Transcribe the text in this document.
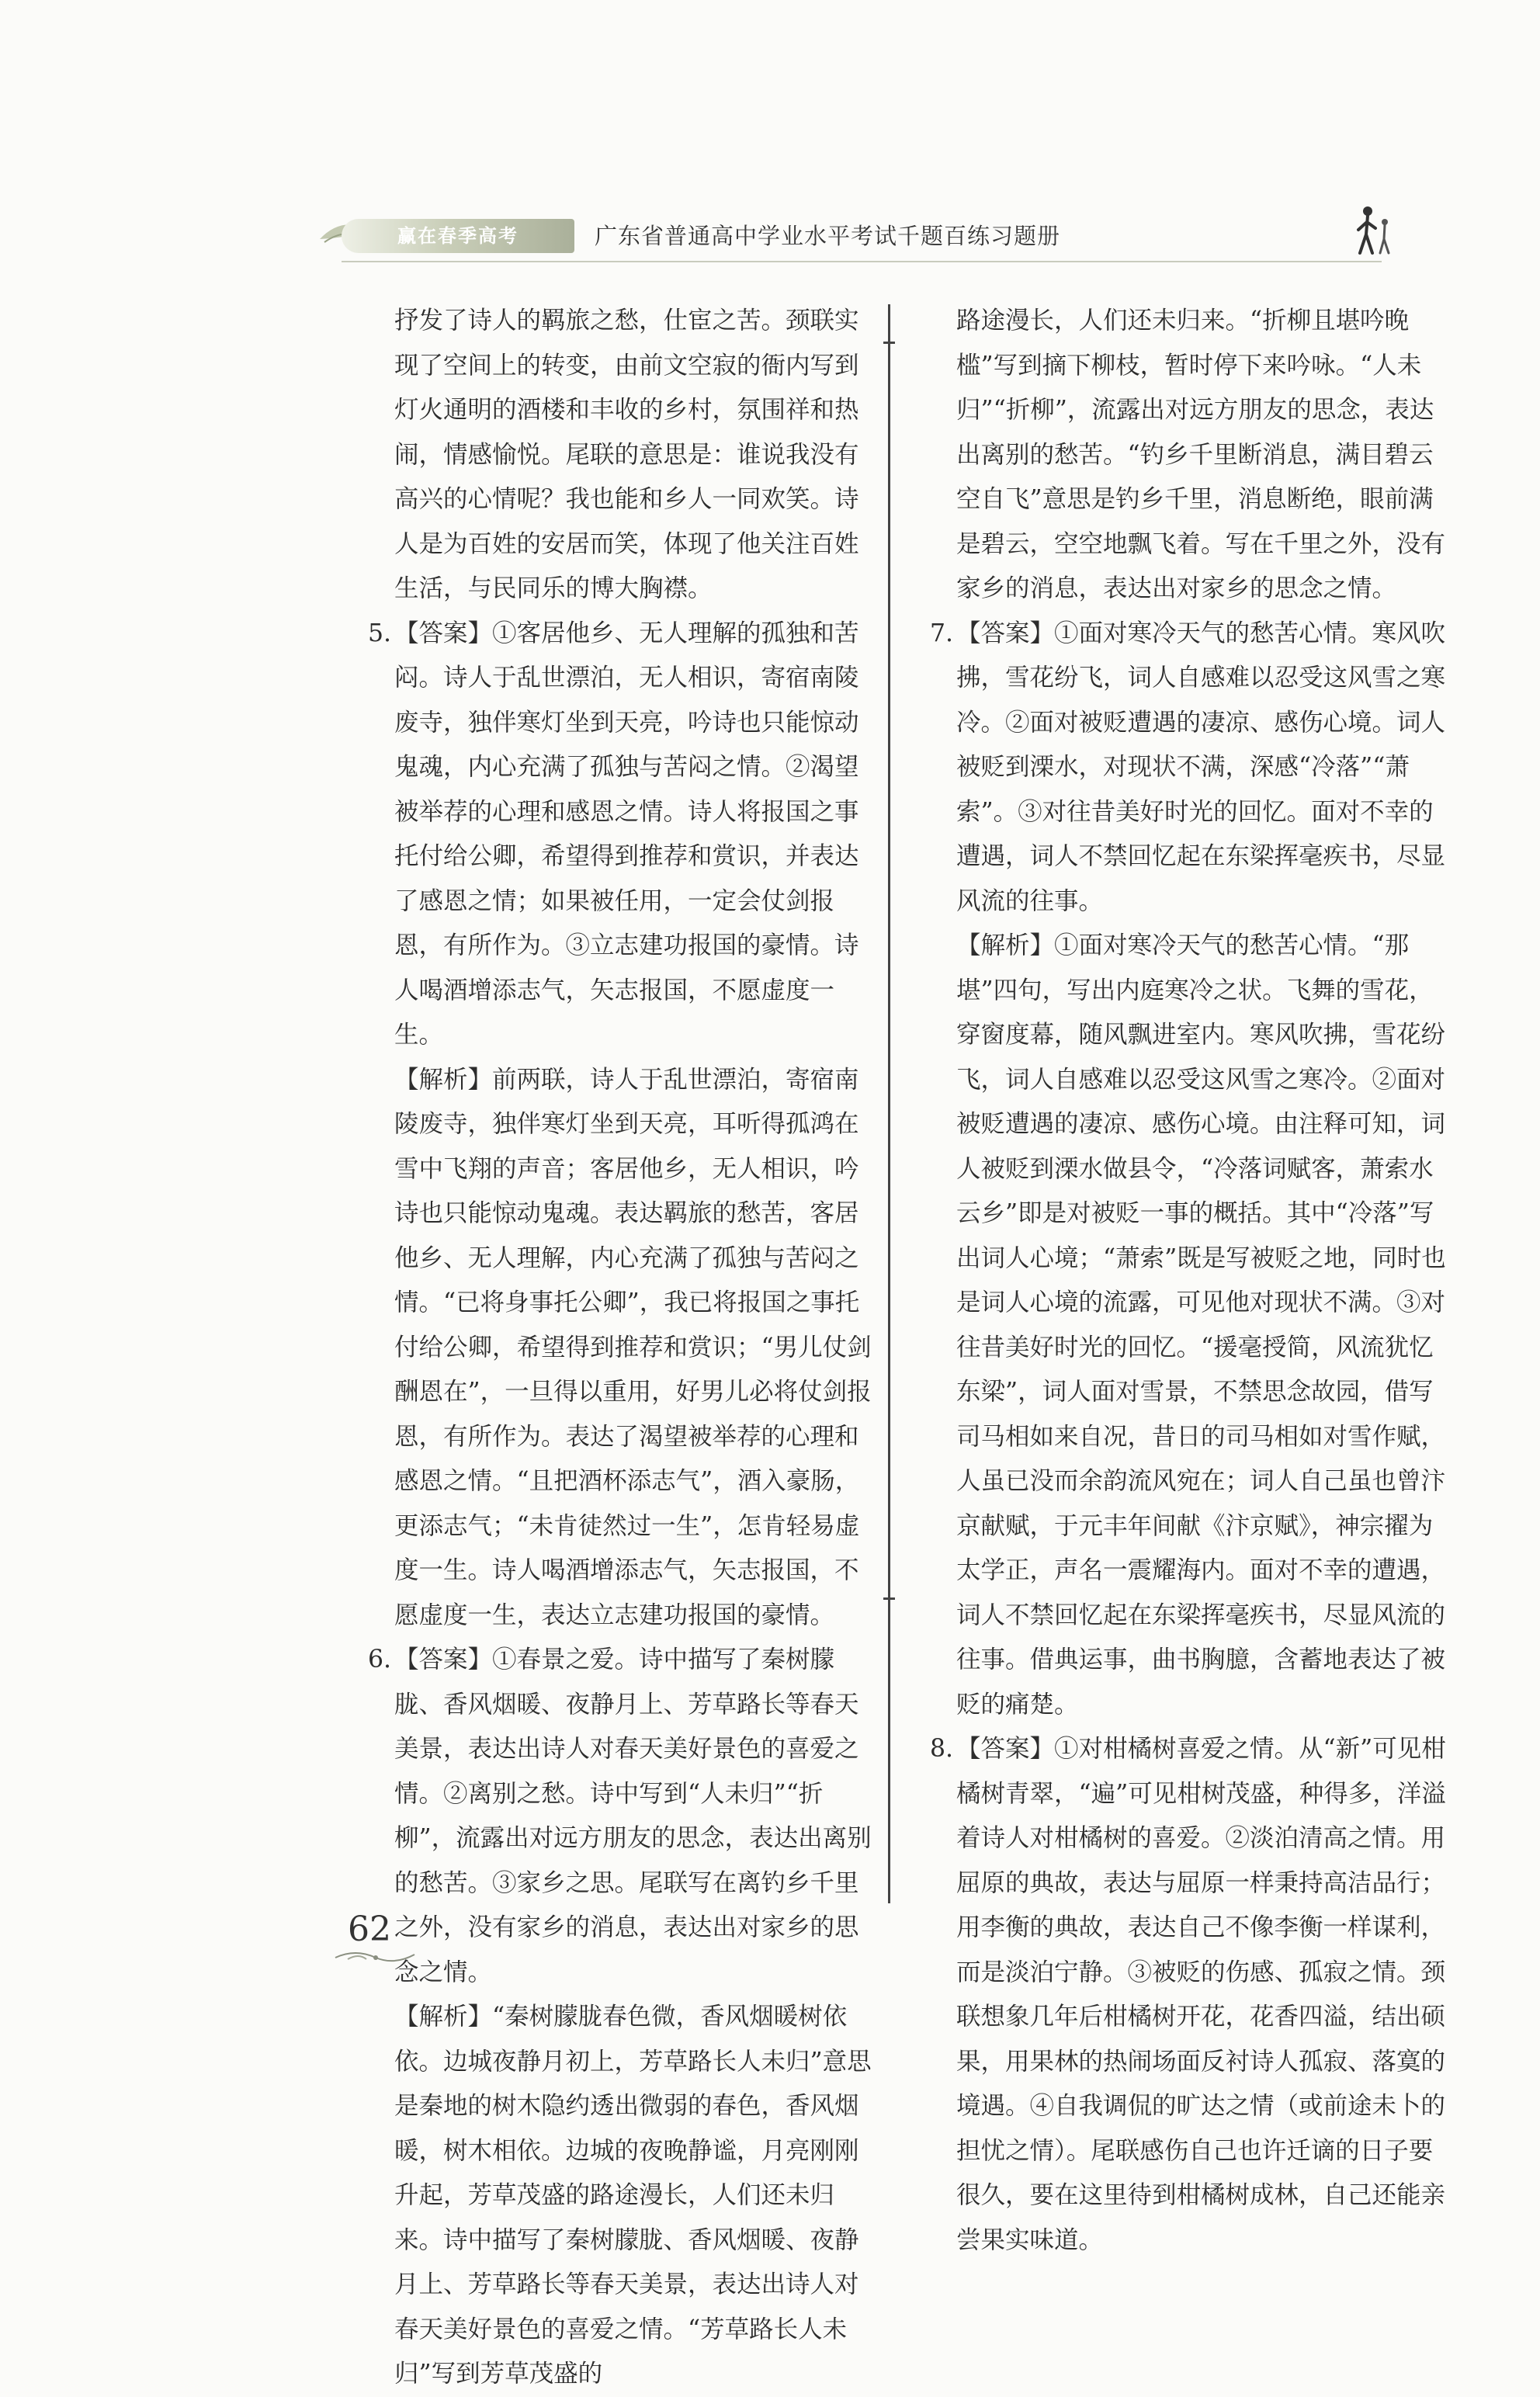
赢在春季高考	广东省普通高中学业水平考试千题百练习题册

抒发了诗人的羁旅之愁，仕宦之苦。颈联实现了空间上的转变，由前文空寂的衙内写到灯火通明的酒楼和丰收的乡村，氛围祥和热闹，情感愉悦。尾联的意思是：谁说我没有高兴的心情呢？我也能和乡人一同欢笑。诗人是为百姓的安居而笑，体现了他关注百姓生活，与民同乐的博大胸襟。

5. 【答案】①客居他乡、无人理解的孤独和苦闷。诗人于乱世漂泊，无人相识，寄宿南陵废寺，独伴寒灯坐到天亮，吟诗也只能惊动鬼魂，内心充满了孤独与苦闷之情。②渴望被举荐的心理和感恩之情。诗人将报国之事托付给公卿，希望得到推荐和赏识，并表达了感恩之情；如果被任用，一定会仗剑报恩，有所作为。③立志建功报国的豪情。诗人喝酒增添志气，矢志报国，不愿虚度一生。

【解析】前两联，诗人于乱世漂泊，寄宿南陵废寺，独伴寒灯坐到天亮，耳听得孤鸿在雪中飞翔的声音；客居他乡，无人相识，吟诗也只能惊动鬼魂。表达羁旅的愁苦，客居他乡、无人理解，内心充满了孤独与苦闷之情。“已将身事托公卿”，我已将报国之事托付给公卿，希望得到推荐和赏识；“男儿仗剑酬恩在”，一旦得以重用，好男儿必将仗剑报恩，有所作为。表达了渴望被举荐的心理和感恩之情。“且把酒杯添志气”，酒入豪肠，更添志气；“未肯徒然过一生”，怎肯轻易虚度一生。诗人喝酒增添志气，矢志报国，不愿虚度一生，表达立志建功报国的豪情。

6. 【答案】①春景之爱。诗中描写了秦树朦胧、香风烟暖、夜静月上、芳草路长等春天美景，表达出诗人对春天美好景色的喜爱之情。②离别之愁。诗中写到“人未归”“折柳”，流露出对远方朋友的思念，表达出离别的愁苦。③家乡之思。尾联写在离钓乡千里之外，没有家乡的消息，表达出对家乡的思念之情。

【解析】“秦树朦胧春色微，香风烟暖树依依。边城夜静月初上，芳草路长人未归”意思是秦地的树木隐约透出微弱的春色，香风烟暖，树木相依。边城的夜晚静谧，月亮刚刚升起，芳草茂盛的路途漫长，人们还未归来。诗中描写了秦树朦胧、香风烟暖、夜静月上、芳草路长等春天美景，表达出诗人对春天美好景色的喜爱之情。“芳草路长人未归”写到芳草茂盛的

路途漫长，人们还未归来。“折柳且堪吟晚槛”写到摘下柳枝，暂时停下来吟咏。“人未归”“折柳”，流露出对远方朋友的思念，表达出离别的愁苦。“钓乡千里断消息，满目碧云空自飞”意思是钓乡千里，消息断绝，眼前满是碧云，空空地飘飞着。写在千里之外，没有家乡的消息，表达出对家乡的思念之情。

7. 【答案】①面对寒冷天气的愁苦心情。寒风吹拂，雪花纷飞，词人自感难以忍受这风雪之寒冷。②面对被贬遭遇的凄凉、感伤心境。词人被贬到溧水，对现状不满，深感“冷落”“萧索”。③对往昔美好时光的回忆。面对不幸的遭遇，词人不禁回忆起在东梁挥毫疾书，尽显风流的往事。

【解析】①面对寒冷天气的愁苦心情。“那堪”四句，写出内庭寒冷之状。飞舞的雪花，穿窗度幕，随风飘进室内。寒风吹拂，雪花纷飞，词人自感难以忍受这风雪之寒冷。②面对被贬遭遇的凄凉、感伤心境。由注释可知，词人被贬到溧水做县令，“冷落词赋客，萧索水云乡”即是对被贬一事的概括。其中“冷落”写出词人心境；“萧索”既是写被贬之地，同时也是词人心境的流露，可见他对现状不满。③对往昔美好时光的回忆。“援毫授简，风流犹忆东梁”，词人面对雪景，不禁思念故园，借写司马相如来自况，昔日的司马相如对雪作赋，人虽已没而余韵流风宛在；词人自己虽也曾汴京献赋，于元丰年间献《汴京赋》，神宗擢为太学正，声名一震耀海内。面对不幸的遭遇，词人不禁回忆起在东梁挥毫疾书，尽显风流的往事。借典运事，曲书胸臆，含蓄地表达了被贬的痛楚。

8. 【答案】①对柑橘树喜爱之情。从“新”可见柑橘树青翠，“遍”可见柑树茂盛，种得多，洋溢着诗人对柑橘树的喜爱。②淡泊清高之情。用屈原的典故，表达与屈原一样秉持高洁品行；用李衡的典故，表达自己不像李衡一样谋利，而是淡泊宁静。③被贬的伤感、孤寂之情。颈联想象几年后柑橘树开花，花香四溢，结出硕果，用果林的热闹场面反衬诗人孤寂、落寞的境遇。④自我调侃的旷达之情（或前途未卜的担忧之情）。尾联感伤自己也许迁谪的日子要很久，要在这里待到柑橘树成林，自己还能亲尝果实味道。

62
